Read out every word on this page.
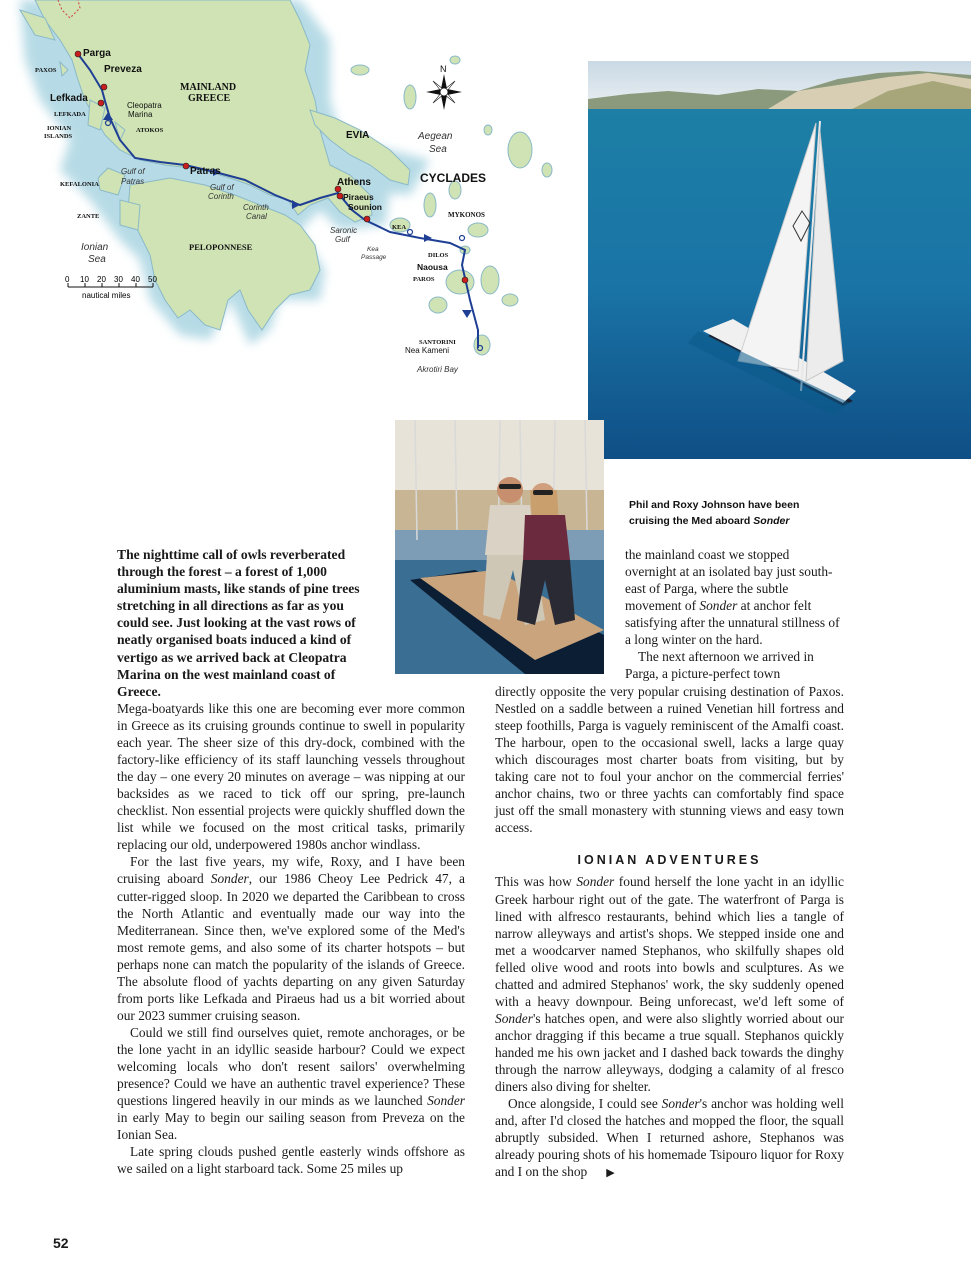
N
Parga
Preveza
PAXOS
Lefkada
LEFKADA
IONIAN
ISLANDS
Cleopatra
Marina
ATOKOS
MAINLAND
GREECE
EVIA	Aegean
Sea
KEFALONIA
Gulf of
Patras
Patras
Gulf of
Corinth
Corinth
Canal
Athens
Piraeus
Sounion
CYCLADES
MYKONOS
ZANTE
KEA
Saronic
Gulf
Kea
Passage
Ionian
Sea
PELOPONNESE
DILOS
Naousa
PAROS
SANTORINI
Nea Kameni
Akrotiri Bay
0 10 20 30 40 50
nautical miles
Phil and Roxy Johnson have been
cruising the Med aboard Sonder

The nighttime call of owls reverberated through the forest – a forest of 1,000 aluminium masts, like stands of pine trees stretching in all directions as far as you could see. Just looking at the vast rows of neatly organised boats induced a kind of vertigo as we arrived back at Cleopatra Marina on the west mainland coast of Greece.

Mega-boatyards like this one are becoming ever more common in Greece as its cruising grounds continue to swell in popularity each year. The sheer size of this dry-dock, combined with the factory-like efficiency of its staff launching vessels throughout the day – one every 20 minutes on average – was nipping at our backsides as we raced to tick off our spring, pre-launch checklist. Non essential projects were quickly shuffled down the list while we focused on the most critical tasks, primarily replacing our old, underpowered 1980s anchor windlass.

For the last five years, my wife, Roxy, and I have been cruising aboard Sonder, our 1986 Cheoy Lee Pedrick 47, a cutter-rigged sloop. In 2020 we departed the Caribbean to cross the North Atlantic and eventually made our way into the Mediterranean. Since then, we've explored some of the Med's most remote gems, and also some of its charter hotspots – but perhaps none can match the popularity of the islands of Greece. The absolute flood of yachts departing on any given Saturday from ports like Lefkada and Piraeus had us a bit worried about our 2023 summer cruising season.

Could we still find ourselves quiet, remote anchorages, or be the lone yacht in an idyllic seaside harbour? Could we expect welcoming locals who don't resent sailors' overwhelming presence? Could we have an authentic travel experience? These questions lingered heavily in our minds as we launched Sonder in early May to begin our sailing season from Preveza on the Ionian Sea.

Late spring clouds pushed gentle easterly winds offshore as we sailed on a light starboard tack. Some 25 miles up

the mainland coast we stopped overnight at an isolated bay just south-east of Parga, where the subtle movement of Sonder at anchor felt satisfying after the unnatural stillness of a long winter on the hard.

The next afternoon we arrived in Parga, a picture-perfect town

directly opposite the very popular cruising destination of Paxos. Nestled on a saddle between a ruined Venetian hill fortress and steep foothills, Parga is vaguely reminiscent of the Amalfi coast. The harbour, open to the occasional swell, lacks a large quay which discourages most charter boats from visiting, but by taking care not to foul your anchor on the commercial ferries' anchor chains, two or three yachts can comfortably find space just off the small monastery with stunning views and easy town access.

IONIAN ADVENTURES

This was how Sonder found herself the lone yacht in an idyllic Greek harbour right out of the gate. The waterfront of Parga is lined with alfresco restaurants, behind which lies a tangle of narrow alleyways and artist's shops. We stepped inside one and met a woodcarver named Stephanos, who skilfully shapes old felled olive wood and roots into bowls and sculptures. As we chatted and admired Stephanos' work, the sky suddenly opened with a heavy downpour. Being unforecast, we'd left some of Sonder's hatches open, and were also slightly worried about our anchor dragging if this became a true squall. Stephanos quickly handed me his own jacket and I dashed back towards the dinghy through the narrow alleyways, dodging a calamity of al fresco diners also diving for shelter.

Once alongside, I could see Sonder's anchor was holding well and, after I'd closed the hatches and mopped the floor, the squall abruptly subsided. When I returned ashore, Stephanos was already pouring shots of his homemade Tsipouro liquor for Roxy and I on the shop ▶

52
